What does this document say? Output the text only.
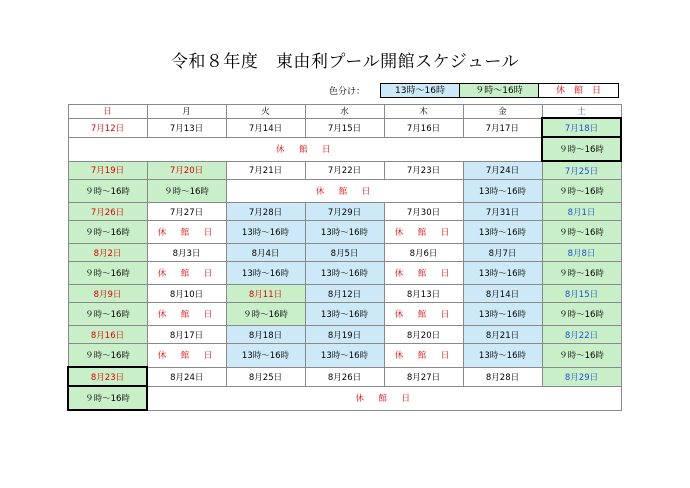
令和８年度　東由利プール開館スケジュール
色分け：	13時～16時	９時～16時	休　館　日
日	月	火	水	木	金	土
7月12日	7月13日	7月14日	7月15日	7月16日	7月17日	7月18日
休　館　日						９時～16時
7月19日	7月20日	7月21日	7月22日	7月23日	7月24日	7月25日
９時～16時	９時～16時	休　館　日			13時～16時	９時～16時
7月26日	7月27日	7月28日	7月29日	7月30日	7月31日	8月1日
９時～16時	休　館　日	13時～16時	13時～16時	休　館　日	13時～16時	９時～16時
8月2日	8月3日	8月4日	8月5日	8月6日	8月7日	8月8日
９時～16時	休　館　日	13時～16時	13時～16時	休　館　日	13時～16時	９時～16時
8月9日	8月10日	8月11日	8月12日	8月13日	8月14日	8月15日
９時～16時	休　館　日	９時～16時	13時～16時	休　館　日	13時～16時	９時～16時
8月16日	8月17日	8月18日	8月19日	8月20日	8月21日	8月22日
９時～16時	休　館　日	13時～16時	13時～16時	休　館　日	13時～16時	９時～16時
8月23日	8月24日	8月25日	8月26日	8月27日	8月28日	8月29日
９時～16時	休　館　日					
